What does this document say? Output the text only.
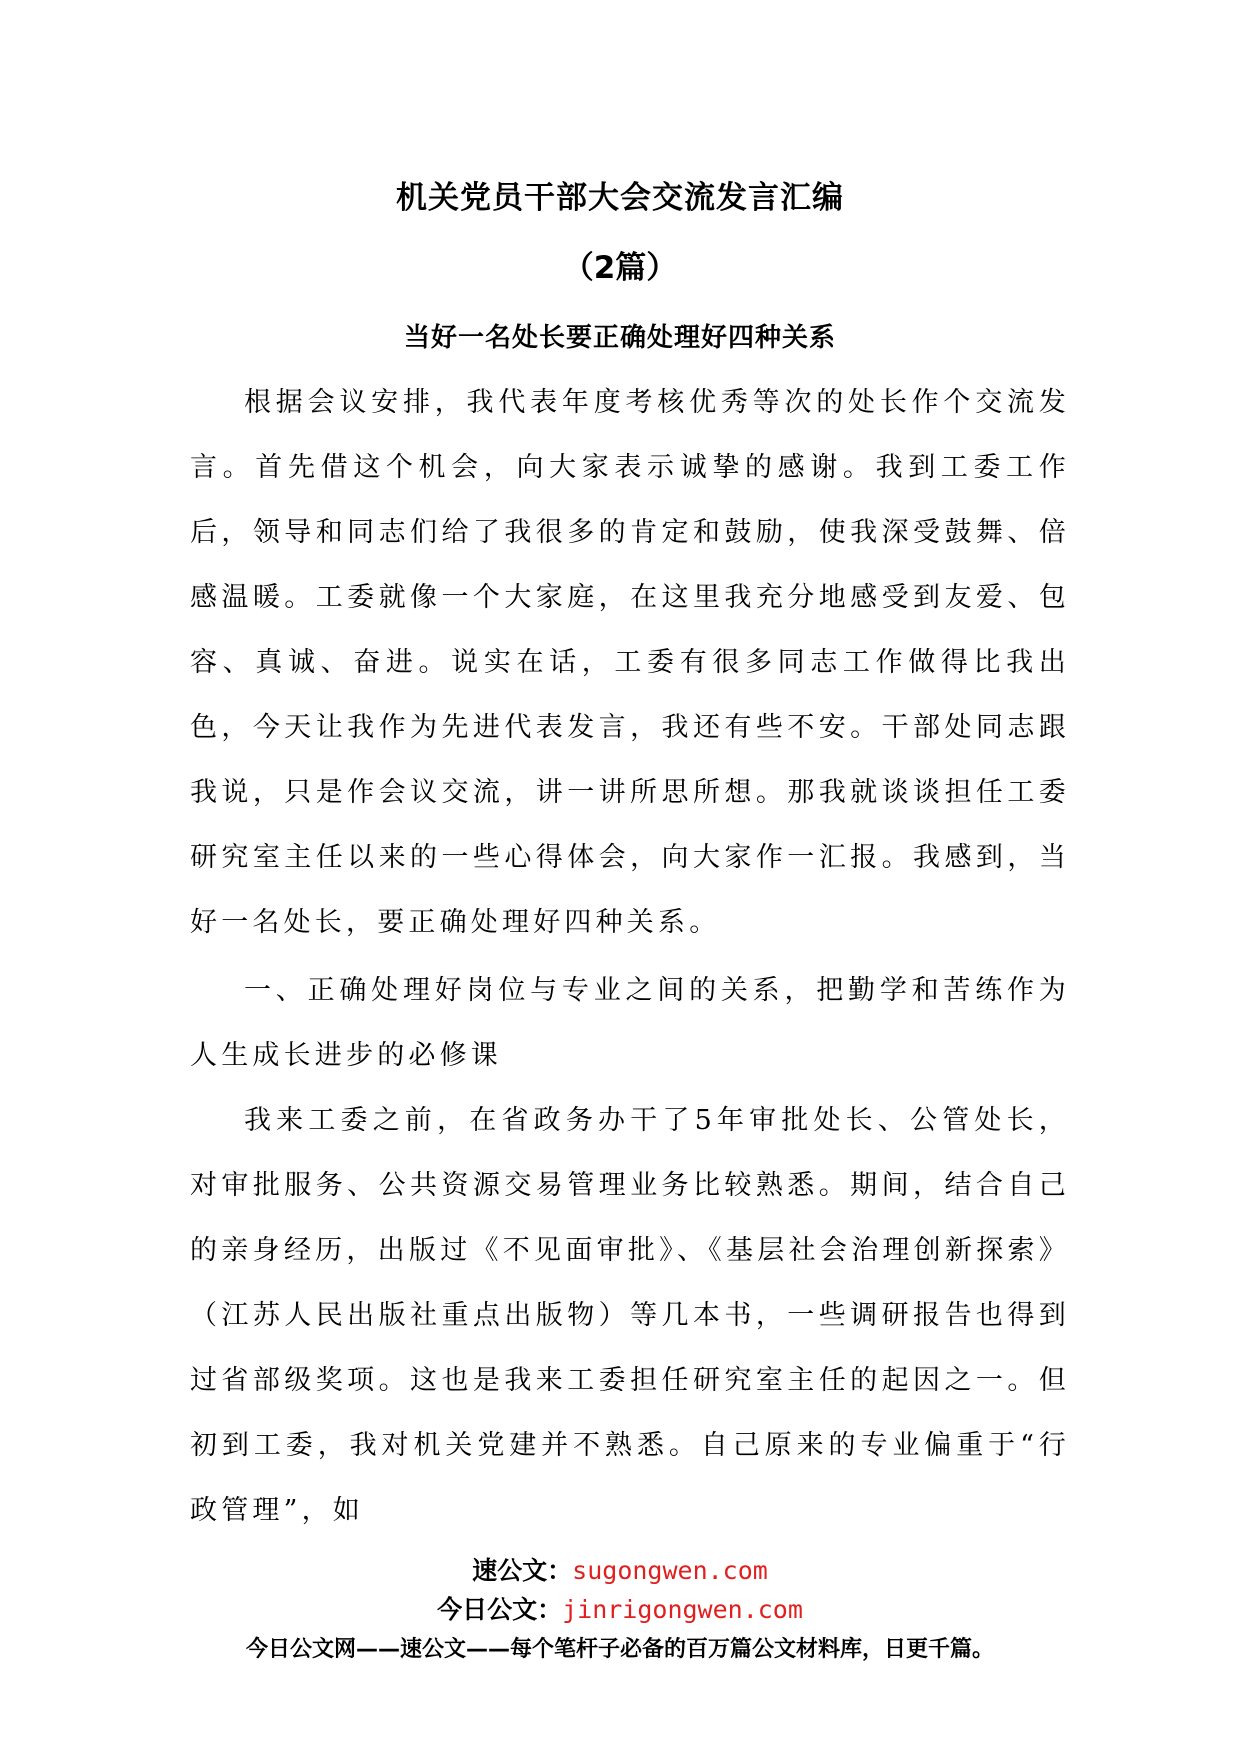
机关党员干部大会交流发言汇编
（2篇）
当好一名处长要正确处理好四种关系
根据会议安排，我代表年度考核优秀等次的处长作个交流发言。首先借这个机会，向大家表示诚挚的感谢。我到工委工作后，领导和同志们给了我很多的肯定和鼓励，使我深受鼓舞、倍感温暖。工委就像一个大家庭，在这里我充分地感受到友爱、包容、真诚、奋进。说实在话，工委有很多同志工作做得比我出色，今天让我作为先进代表发言，我还有些不安。干部处同志跟我说，只是作会议交流，讲一讲所思所想。那我就谈谈担任工委研究室主任以来的一些心得体会，向大家作一汇报。我感到，当好一名处长，要正确处理好四种关系。
一、正确处理好岗位与专业之间的关系，把勤学和苦练作为人生成长进步的必修课
我来工委之前，在省政务办干了5年审批处长、公管处长，对审批服务、公共资源交易管理业务比较熟悉。期间，结合自己的亲身经历，出版过《不见面审批》、《基层社会治理创新探索》（江苏人民出版社重点出版物）等几本书，一些调研报告也得到过省部级奖项。这也是我来工委担任研究室主任的起因之一。但初到工委，我对机关党建并不熟悉。自己原来的专业偏重于“行政管理”，如
速公文：sugongwen.com
今日公文：jinrigongwen.com
今日公文网——速公文——每个笔杆子必备的百万篇公文材料库，日更千篇。
